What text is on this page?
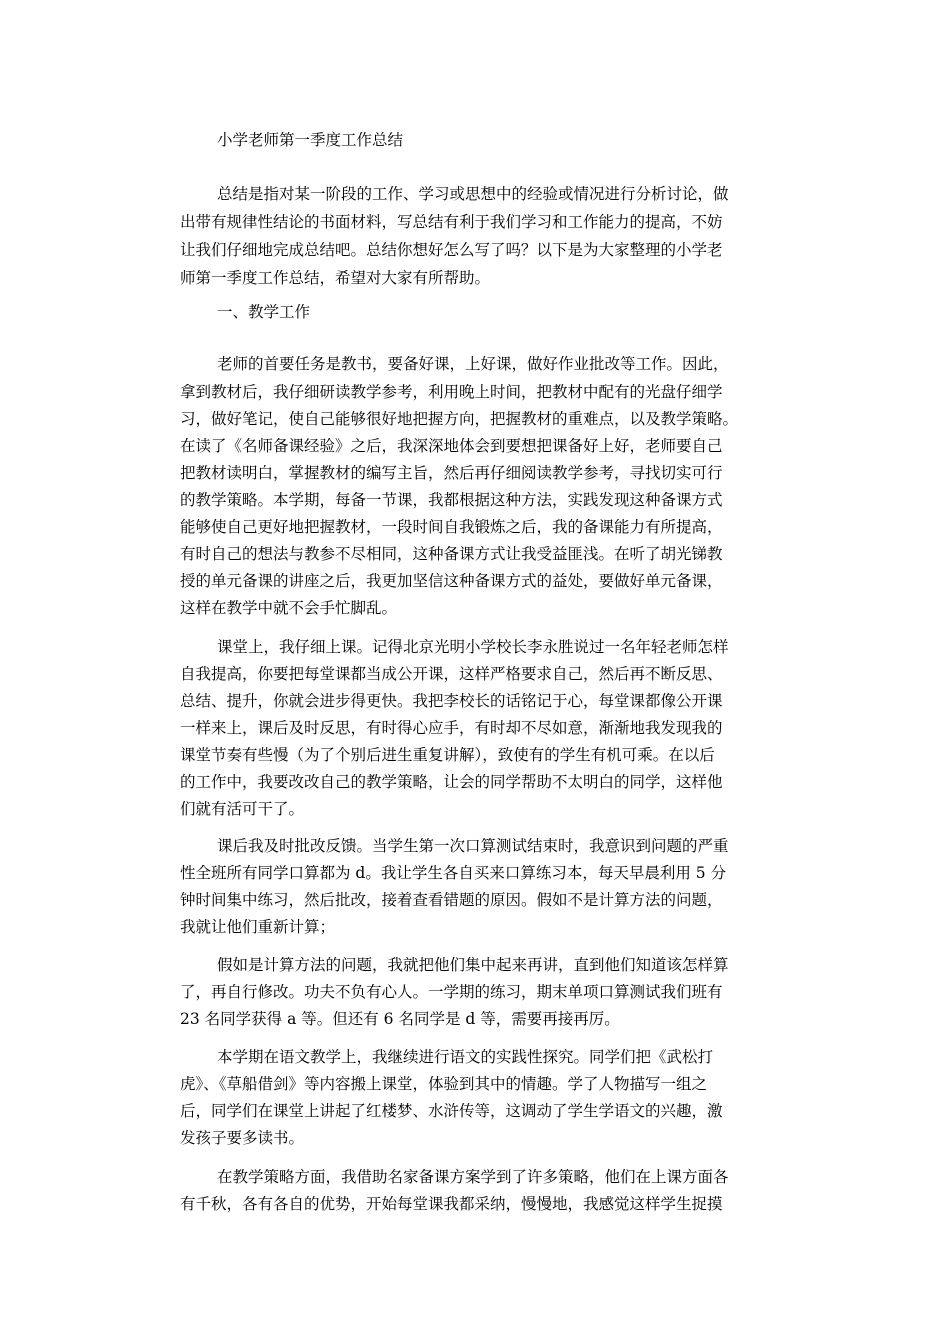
小学老师第一季度工作总结
总结是指对某一阶段的工作、学习或思想中的经验或情况进行分析讨论，做
出带有规律性结论的书面材料，写总结有利于我们学习和工作能力的提高，不妨
让我们仔细地完成总结吧。总结你想好怎么写了吗？以下是为大家整理的小学老
师第一季度工作总结，希望对大家有所帮助。
一、教学工作
老师的首要任务是教书，要备好课，上好课，做好作业批改等工作。因此，
拿到教材后，我仔细研读教学参考，利用晚上时间，把教材中配有的光盘仔细学
习，做好笔记，使自己能够很好地把握方向，把握教材的重难点，以及教学策略。
在读了《名师备课经验》之后，我深深地体会到要想把课备好上好，老师要自己
把教材读明白，掌握教材的编写主旨，然后再仔细阅读教学参考，寻找切实可行
的教学策略。本学期，每备一节课，我都根据这种方法，实践发现这种备课方式
能够使自己更好地把握教材，一段时间自我锻炼之后，我的备课能力有所提高，
有时自己的想法与教参不尽相同，这种备课方式让我受益匪浅。在听了胡光锑教
授的单元备课的讲座之后，我更加坚信这种备课方式的益处，要做好单元备课，
这样在教学中就不会手忙脚乱。
课堂上，我仔细上课。记得北京光明小学校长李永胜说过一名年轻老师怎样
自我提高，你要把每堂课都当成公开课，这样严格要求自己，然后再不断反思、
总结、提升，你就会进步得更快。我把李校长的话铭记于心，每堂课都像公开课
一样来上，课后及时反思，有时得心应手，有时却不尽如意，渐渐地我发现我的
课堂节奏有些慢（为了个别后进生重复讲解），致使有的学生有机可乘。在以后
的工作中，我要改改自己的教学策略，让会的同学帮助不太明白的同学，这样他
们就有活可干了。
课后我及时批改反馈。当学生第一次口算测试结束时，我意识到问题的严重
性全班所有同学口算都为 d。我让学生各自买来口算练习本，每天早晨利用 5 分
钟时间集中练习，然后批改，接着查看错题的原因。假如不是计算方法的问题，
我就让他们重新计算；
假如是计算方法的问题，我就把他们集中起来再讲，直到他们知道该怎样算
了，再自行修改。功夫不负有心人。一学期的练习，期末单项口算测试我们班有
23 名同学获得 a 等。但还有 6 名同学是 d 等，需要再接再厉。
本学期在语文教学上，我继续进行语文的实践性探究。同学们把《武松打
虎》、《草船借剑》等内容搬上课堂，体验到其中的情趣。学了人物描写一组之
后，同学们在课堂上讲起了红楼梦、水浒传等，这调动了学生学语文的兴趣，激
发孩子要多读书。
在教学策略方面，我借助名家备课方案学到了许多策略，他们在上课方面各
有千秋，各有各自的优势，开始每堂课我都采纳，慢慢地，我感觉这样学生捉摸
